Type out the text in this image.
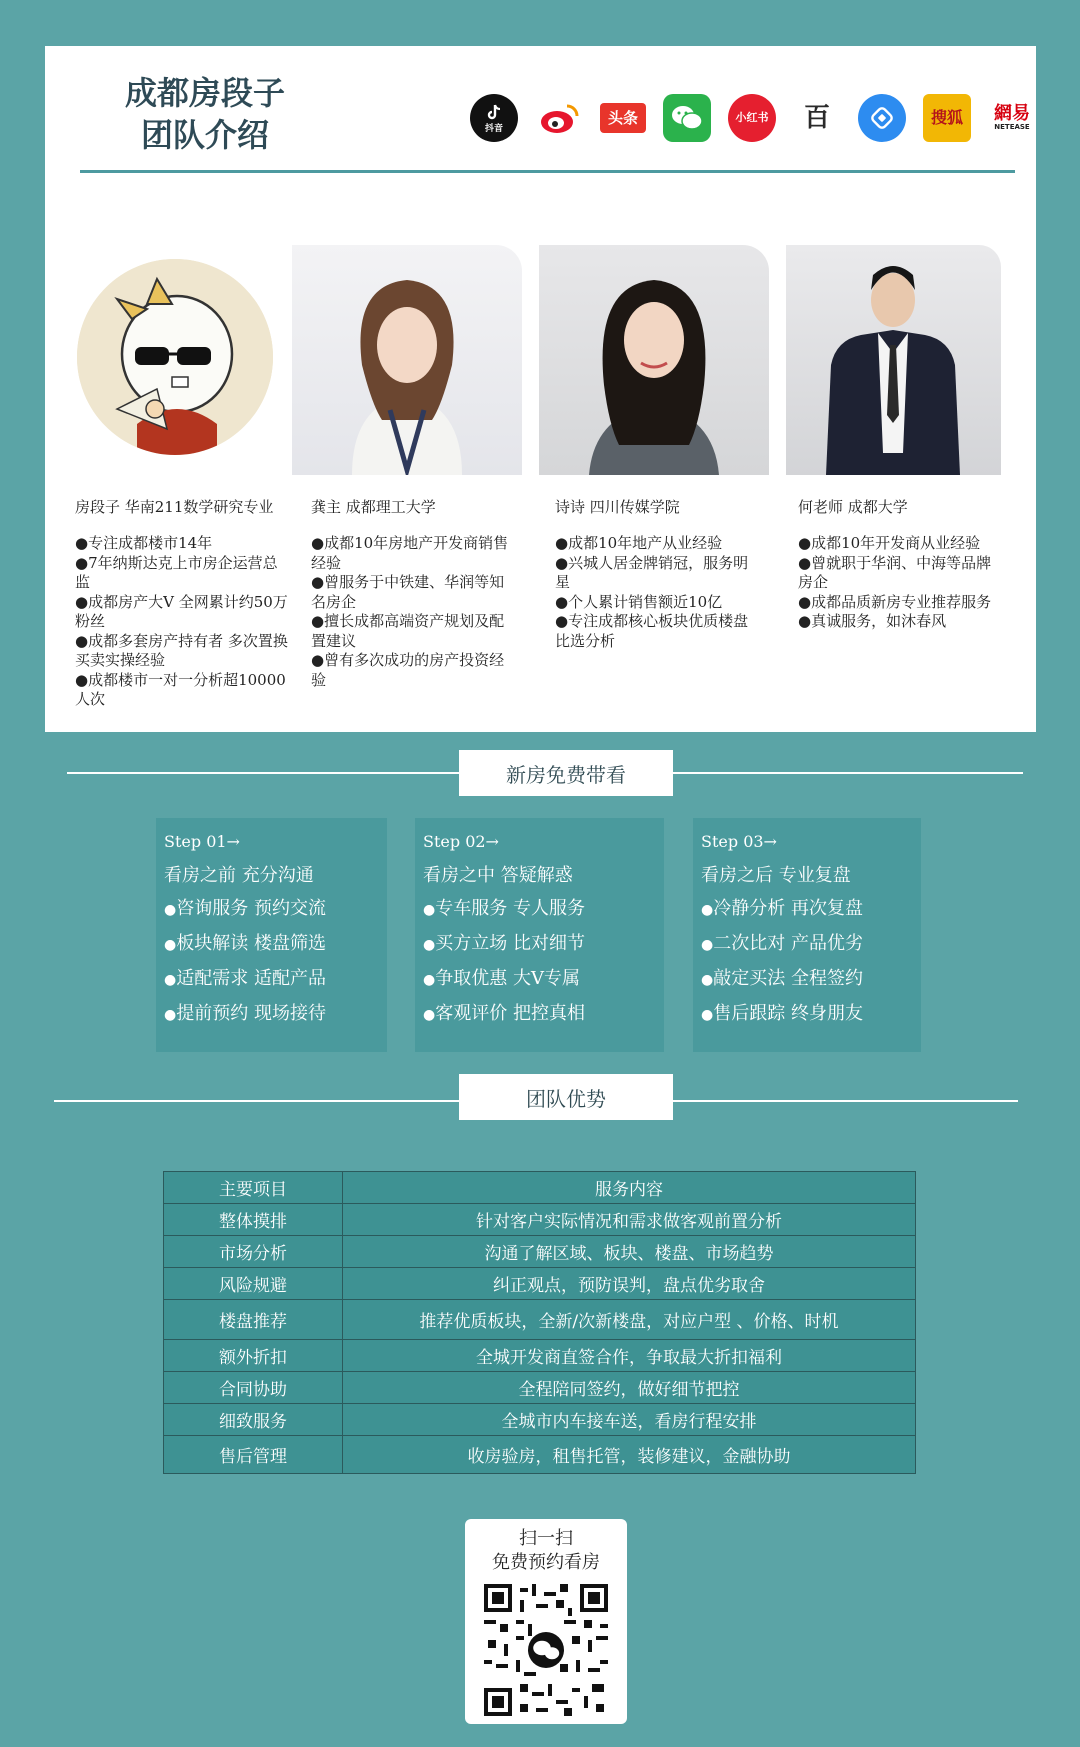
成都房段子
团队介绍	抖音
头条	小红书 百	搜狐 網易
NETEASE
房段子 华南211数学研究专业
● 专注成都楼市14年
● 7年纳斯达克上市房企运营总监
● 成都房产大V 全网累计约50万粉丝
● 成都多套房产持有者 多次置换买卖实操经验
● 成都楼市一对一分析超10000人次
龚主 成都理工大学
● 成都10年房地产开发商销售经验
● 曾服务于中铁建、华润等知名房企
● 擅长成都高端资产规划及配置建议
● 曾有多次成功的房产投资经验
诗诗 四川传媒学院
● 成都10年地产从业经验
● 兴城人居金牌销冠，服务明星
● 个人累计销售额近10亿
● 专注成都核心板块优质楼盘比选分析
何老师 成都大学
● 成都10年开发商从业经验
● 曾就职于华润、中海等品牌房企
● 成都品质新房专业推荐服务
● 真诚服务，如沐春风
新房免费带看
Step 01→
看房之前 充分沟通
● 咨询服务 预约交流
● 板块解读 楼盘筛选
● 适配需求 适配产品
● 提前预约 现场接待
Step 02→
看房之中 答疑解惑
● 专车服务 专人服务
● 买方立场 比对细节
● 争取优惠 大V专属
● 客观评价 把控真相
Step 03→
看房之后 专业复盘
● 冷静分析 再次复盘
● 二次比对 产品优劣
● 敲定买法 全程签约
● 售后跟踪 终身朋友
团队优势
主要项目	服务内容
整体摸排	针对客户实际情况和需求做客观前置分析
市场分析	沟通了解区域、板块、楼盘、市场趋势
风险规避	纠正观点，预防误判，盘点优劣取舍
楼盘推荐	推荐优质板块，全新/次新楼盘，对应户型 、价格、时机
额外折扣	全城开发商直签合作，争取最大折扣福利
合同协助	全程陪同签约，做好细节把控
细致服务	全城市内车接车送，看房行程安排
售后管理	收房验房，租售托管，装修建议，金融协助
扫一扫
免费预约看房
